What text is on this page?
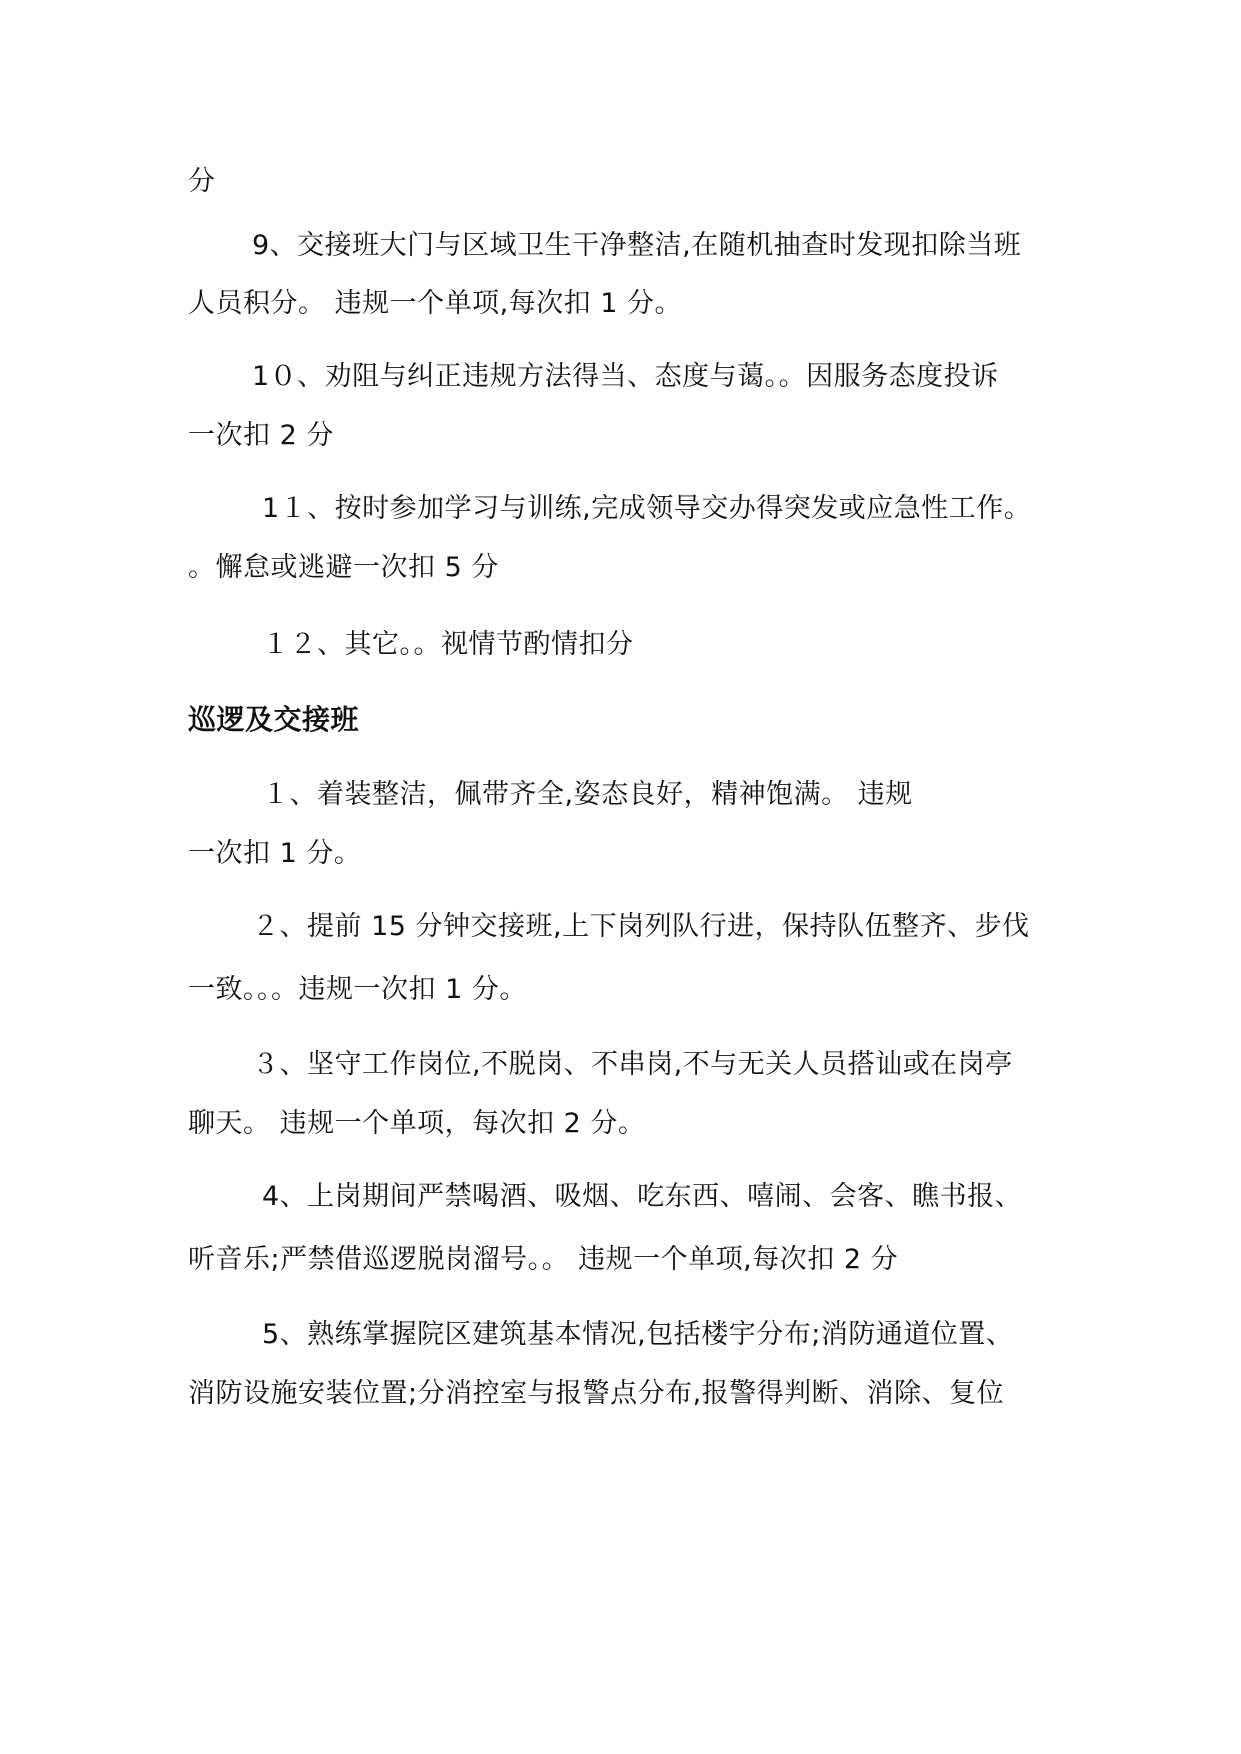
分
9、交接班大门与区域卫生干净整洁,在随机抽查时发现扣除当班
人员积分。 违规一个单项,每次扣 1 分。
1０、劝阻与纠正违规方法得当、态度与蔼。。因服务态度投诉
一次扣 2 分
1１、按时参加学习与训练,完成领导交办得突发或应急性工作。
。懈怠或逃避一次扣 5 分
１２、其它。。视情节酌情扣分
巡逻及交接班
１、着装整洁，佩带齐全,姿态良好，精神饱满。 违规
一次扣 1 分。
２、提前 15 分钟交接班,上下岗列队行进，保持队伍整齐、步伐
一致。。。违规一次扣 1 分。
３、坚守工作岗位,不脱岗、不串岗,不与无关人员搭讪或在岗亭
聊天。 违规一个单项，每次扣 2 分。
4、上岗期间严禁喝酒、吸烟、吃东西、嘻闹、会客、瞧书报、
听音乐;严禁借巡逻脱岗溜号。。 违规一个单项,每次扣 2 分
5、熟练掌握院区建筑基本情况,包括楼宇分布;消防通道位置、
消防设施安装位置;分消控室与报警点分布,报警得判断、消除、复位
